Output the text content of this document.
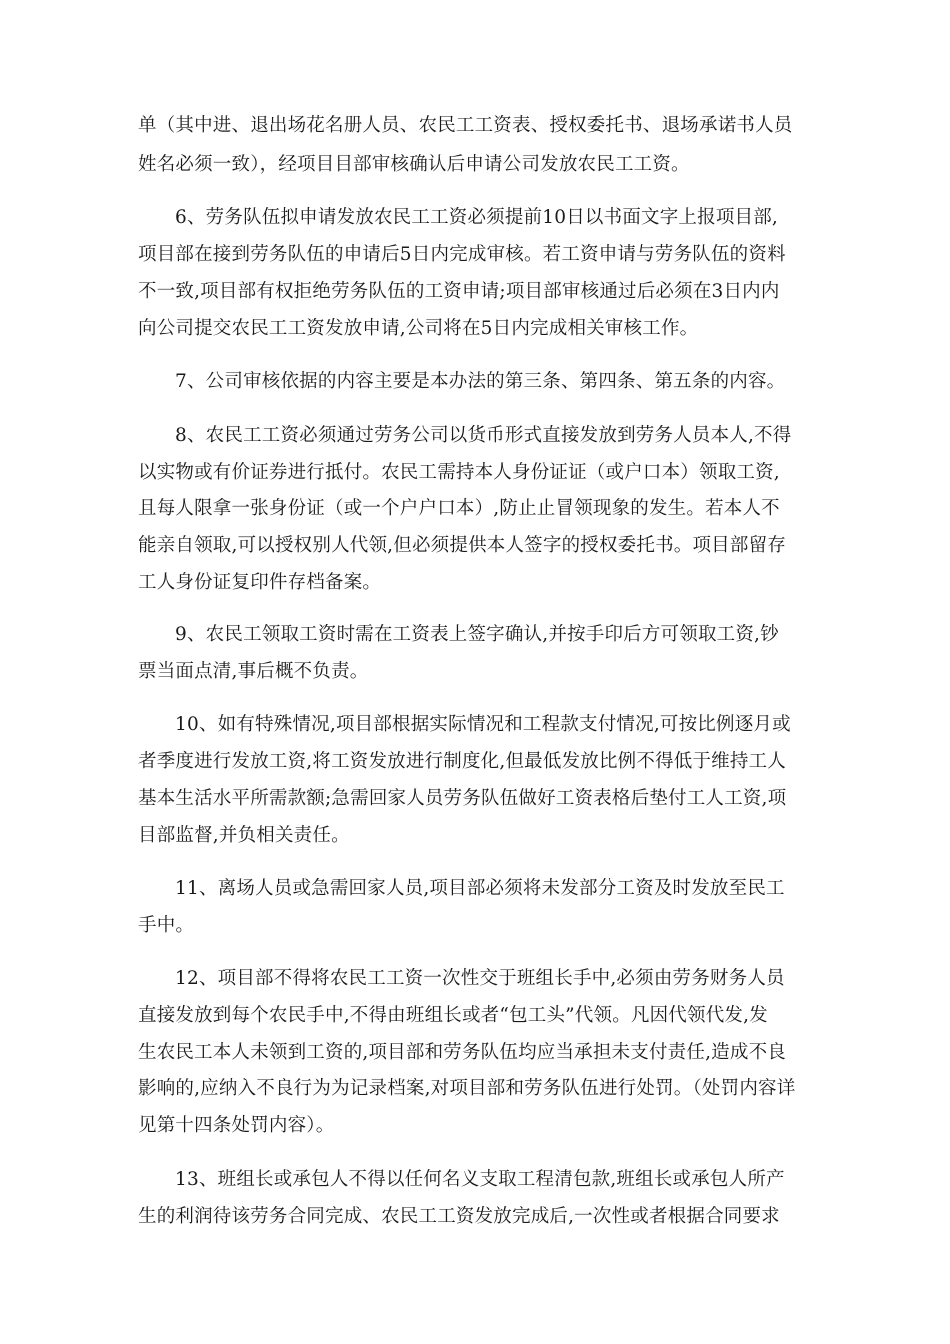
单（其中进、退出场花名册人员、农民工工资表、授权委托书、退场承诺书人员
姓名必须一致），经项目目部审核确认后申请公司发放农民工工资。
6、劳务队伍拟申请发放农民工工资必须提前10日以书面文字上报项目部,
项目部在接到劳务队伍的申请后5日内完成审核。若工资申请与劳务队伍的资料
不一致,项目部有权拒绝劳务队伍的工资申请;项目部审核通过后必须在3日内内
向公司提交农民工工资发放申请,公司将在5日内完成相关审核工作。
7、公司审核依据的内容主要是本办法的第三条、第四条、第五条的内容。
8、农民工工资必须通过劳务公司以货币形式直接发放到劳务人员本人,不得
以实物或有价证券进行抵付。农民工需持本人身份证证（或户口本）领取工资,
且每人限拿一张身份证（或一个户户口本）,防止止冒领现象的发生。若本人不
能亲自领取,可以授权别人代领,但必须提供本人签字的授权委托书。项目部留存
工人身份证复印件存档备案。
9、农民工领取工资时需在工资表上签字确认,并按手印后方可领取工资,钞
票当面点清,事后概不负责。
10、如有特殊情况,项目部根据实际情况和工程款支付情况,可按比例逐月或
者季度进行发放工资,将工资发放进行制度化,但最低发放比例不得低于维持工人
基本生活水平所需款额;急需回家人员劳务队伍做好工资表格后垫付工人工资,项
目部监督,并负相关责任。
11、离场人员或急需回家人员,项目部必须将未发部分工资及时发放至民工
手中。
12、项目部不得将农民工工资一次性交于班组长手中,必须由劳务财务人员
直接发放到每个农民手中,不得由班组长或者“包工头”代领。凡因代领代发,发
生农民工本人未领到工资的,项目部和劳务队伍均应当承担未支付责任,造成不良
影响的,应纳入不良行为为记录档案,对项目部和劳务队伍进行处罚。（处罚内容详
见第十四条处罚内容）。
13、班组长或承包人不得以任何名义支取工程清包款,班组长或承包人所产
生的利润待该劳务合同完成、农民工工资发放完成后,一次性或者根据合同要求
